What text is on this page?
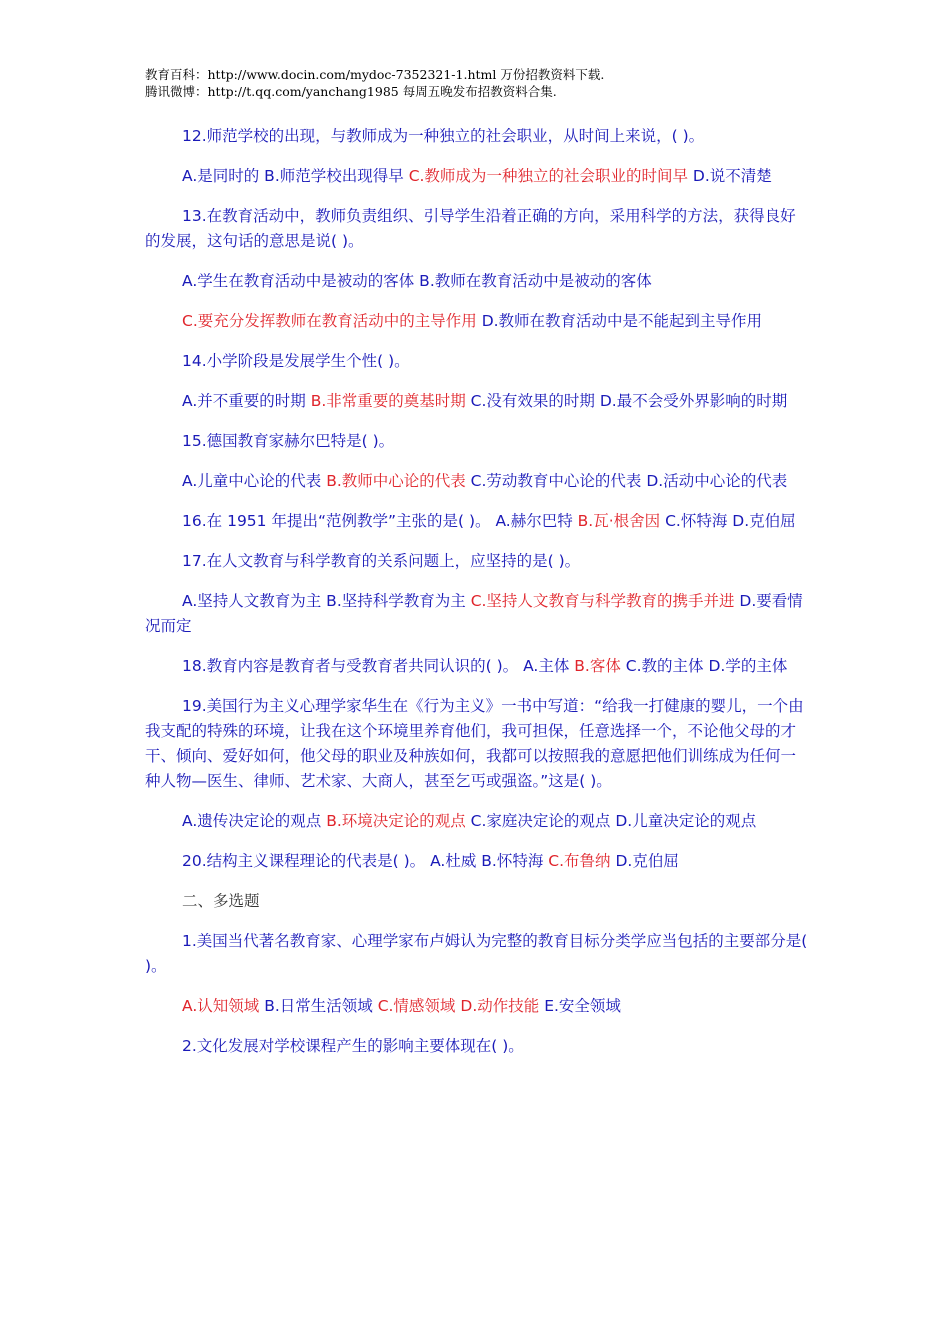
教育百科：http://www.docin.com/mydoc-7352321-1.html 万份招教资料下载.
腾讯微博：http://t.qq.com/yanchang1985 每周五晚发布招教资料合集.

12.师范学校的出现，与教师成为一种独立的社会职业，从时间上来说，( )。

A.是同时的 B.师范学校出现得早 C.教师成为一种独立的社会职业的时间早 D.说不清楚

13.在教育活动中，教师负责组织、引导学生沿着正确的方向，采用科学的方法，获得良好的发展，这句话的意思是说( )。

A.学生在教育活动中是被动的客体 B.教师在教育活动中是被动的客体

C.要充分发挥教师在教育活动中的主导作用 D.教师在教育活动中是不能起到主导作用

14.小学阶段是发展学生个性( )。

A.并不重要的时期 B.非常重要的奠基时期 C.没有效果的时期 D.最不会受外界影响的时期

15.德国教育家赫尔巴特是( )。

A.儿童中心论的代表 B.教师中心论的代表 C.劳动教育中心论的代表 D.活动中心论的代表

16.在 1951 年提出“范例教学”主张的是( )。 A.赫尔巴特 B.瓦·根舍因 C.怀特海 D.克伯屈

17.在人文教育与科学教育的关系问题上，应坚持的是( )。

A.坚持人文教育为主 B.坚持科学教育为主 C.坚持人文教育与科学教育的携手并进 D.要看情况而定

18.教育内容是教育者与受教育者共同认识的( )。 A.主体 B.客体 C.教的主体 D.学的主体

19.美国行为主义心理学家华生在《行为主义》一书中写道：“给我一打健康的婴儿，一个由我支配的特殊的环境，让我在这个环境里养育他们，我可担保，任意选择一个，不论他父母的才干、倾向、爱好如何，他父母的职业及种族如何，我都可以按照我的意愿把他们训练成为任何一种人物—医生、律师、艺术家、大商人，甚至乞丐或强盗。”这是( )。

A.遗传决定论的观点 B.环境决定论的观点 C.家庭决定论的观点 D.儿童决定论的观点

20.结构主义课程理论的代表是( )。 A.杜威 B.怀特海 C.布鲁纳 D.克伯屈

二、多选题

1.美国当代著名教育家、心理学家布卢姆认为完整的教育目标分类学应当包括的主要部分是( )。

A.认知领域 B.日常生活领域 C.情感领域 D.动作技能 E.安全领域

2.文化发展对学校课程产生的影响主要体现在( )。
